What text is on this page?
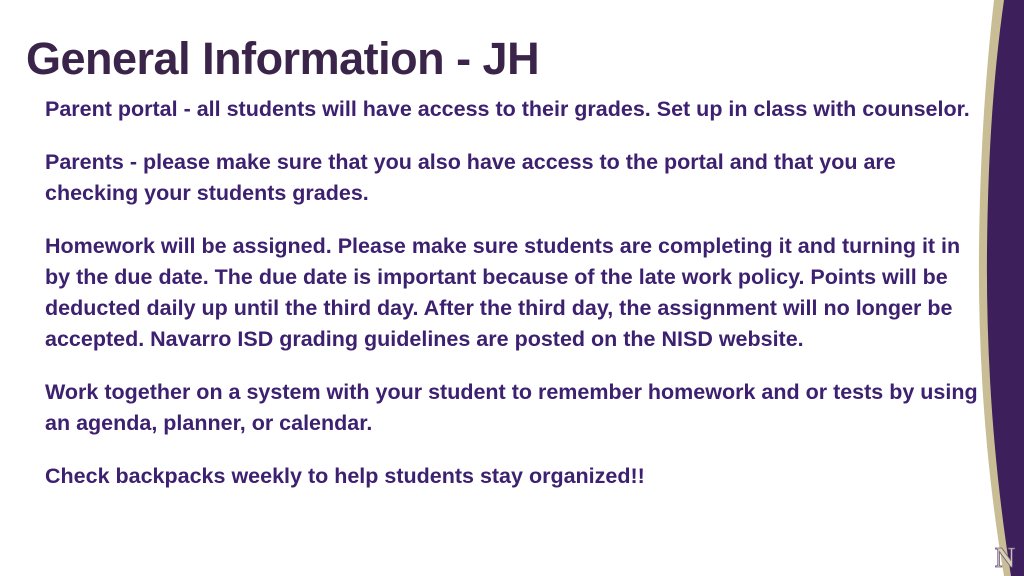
General Information - JH

Parent portal - all students will have access to their grades. Set up in class with counselor.

Parents - please make sure that you also have access to the portal and that you are checking your students grades.

Homework will be assigned. Please make sure students are completing it and turning it in by the due date. The due date is important because of the late work policy. Points will be deducted daily up until the third day. After the third day, the assignment will no longer be accepted. Navarro ISD grading guidelines are posted on the NISD website.

Work together on a system with your student to remember homework and or tests by using an agenda, planner, or calendar.

Check backpacks weekly to help students stay organized!!

N
